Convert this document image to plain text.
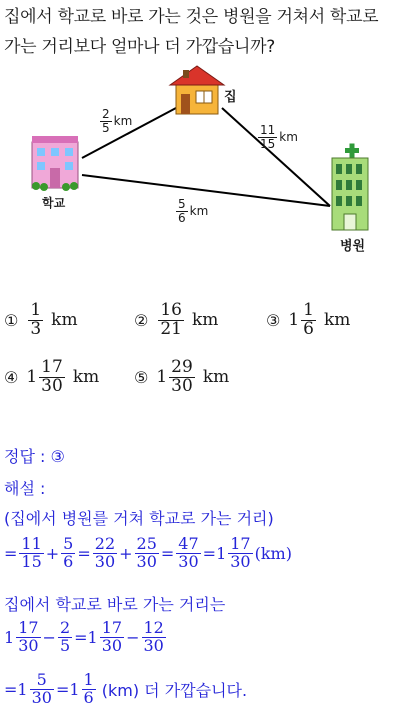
집에서 학교로 바로 가는 것은 병원을 거쳐서 학교로
가는 거리보다 얼마나 더 가깝습니까?
집
학교
병원
$\frac{2}{5}$ km
$\frac{11}{15}$ km
$\frac{5}{6}$ km
① $\frac{1}{3}$ km	② $\frac{16}{21}$ km	③ $1 \frac{1}{6}$ km
④ $1 \frac{17}{30}$ km ⑤ $1 \frac{29}{30}$ km
정답 : ③
해설 :
(집에서 병원를 거쳐 학교로 가는 거리)
= $\frac{11}{15} + \frac{5}{6} = \frac{22}{30} + \frac{25}{30} = \frac{47}{30} = 1 \frac{17}{30} (km)$
집에서 학교로 바로 가는 거리는
$1 \frac{17}{30} - \frac{2}{5} = 1 \frac{17}{30} - \frac{12}{30}$
= $1 \frac{5}{30} = 1 \frac{1}{6} (km)$ 더 가깝습니다.
